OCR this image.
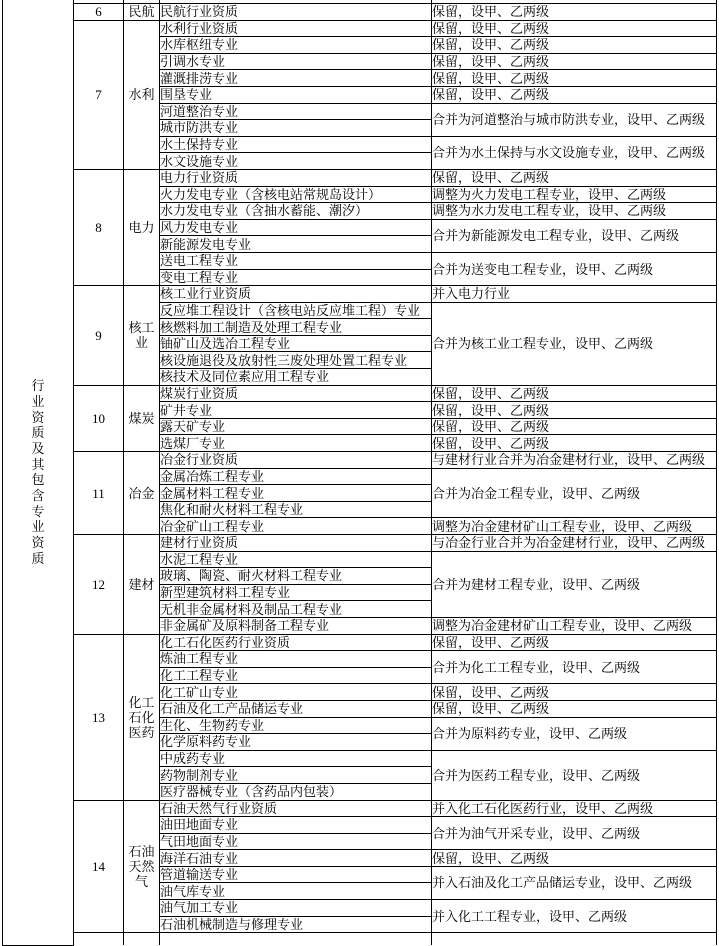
行业资质及其包含专业资质				

	6	民航	民航行业资质	保留，设甲、乙两级
	7	水利	水利行业资质	保留，设甲、乙两级
			水库枢纽专业	保留，设甲、乙两级
			引调水专业	保留，设甲、乙两级
			灌溉排涝专业	保留，设甲、乙两级
			围垦专业	保留，设甲、乙两级
			河道整治专业	合并为河道整治与城市防洪专业，设甲、乙两级
			城市防洪专业	
			水土保持专业	合并为水土保持与水文设施专业，设甲、乙两级
			水文设施专业	
	8	电力	电力行业资质	保留，设甲、乙两级
			火力发电专业（含核电站常规岛设计）	调整为火力发电工程专业，设甲、乙两级
			水力发电专业（含抽水蓄能、潮汐）	调整为水力发电工程专业，设甲、乙两级
			风力发电专业	合并为新能源发电工程专业，设甲、乙两级
			新能源发电专业	
			送电工程专业	合并为送变电工程专业，设甲、乙两级
			变电工程专业	
	9	核工业	核工业行业资质	并入电力行业
			反应堆工程设计（含核电站反应堆工程）专业	合并为核工业工程专业，设甲、乙两级
			核燃料加工制造及处理工程专业	
			铀矿山及选冶工程专业	
			核设施退役及放射性三废处理处置工程专业	
			核技术及同位素应用工程专业	
	10	煤炭	煤炭行业资质	保留，设甲、乙两级
			矿井专业	保留，设甲、乙两级
			露天矿专业	保留，设甲、乙两级
			选煤厂专业	保留，设甲、乙两级
	11	冶金	冶金行业资质	与建材行业合并为冶金建材行业，设甲、乙两级
			金属冶炼工程专业	合并为冶金工程专业，设甲、乙两级
			金属材料工程专业	
			焦化和耐火材料工程专业	
			冶金矿山工程专业	调整为冶金建材矿山工程专业，设甲、乙两级
	12	建材	建材行业资质	与冶金行业合并为冶金建材行业，设甲、乙两级
			水泥工程专业	合并为建材工程专业，设甲、乙两级
			玻璃、陶瓷、耐火材料工程专业	
			新型建筑材料工程专业	
			无机非金属材料及制品工程专业	
			非金属矿及原料制备工程专业	调整为冶金建材矿山工程专业，设甲、乙两级
	13	化工石化医药	化工石化医药行业资质	保留，设甲、乙两级
			炼油工程专业	合并为化工工程专业，设甲、乙两级
			化工工程专业	
			化工矿山专业	保留，设甲、乙两级
			石油及化工产品储运专业	保留，设甲、乙两级
			生化、生物药专业	合并为原料药专业，设甲、乙两级
			化学原料药专业	
			中成药专业	合并为医药工程专业，设甲、乙两级
			药物制剂专业	
			医疗器械专业（含药品内包装）	
	14	石油天然气	石油天然气行业资质	并入化工石化医药行业，设甲、乙两级
			油田地面专业	合并为油气开采专业，设甲、乙两级
			气田地面专业	
			海洋石油专业	保留，设甲、乙两级
			管道输送专业	并入石油及化工产品储运专业，设甲、乙两级
			油气库专业	
			油气加工专业	并入化工工程专业，设甲、乙两级
			石油机械制造与修理专业	
